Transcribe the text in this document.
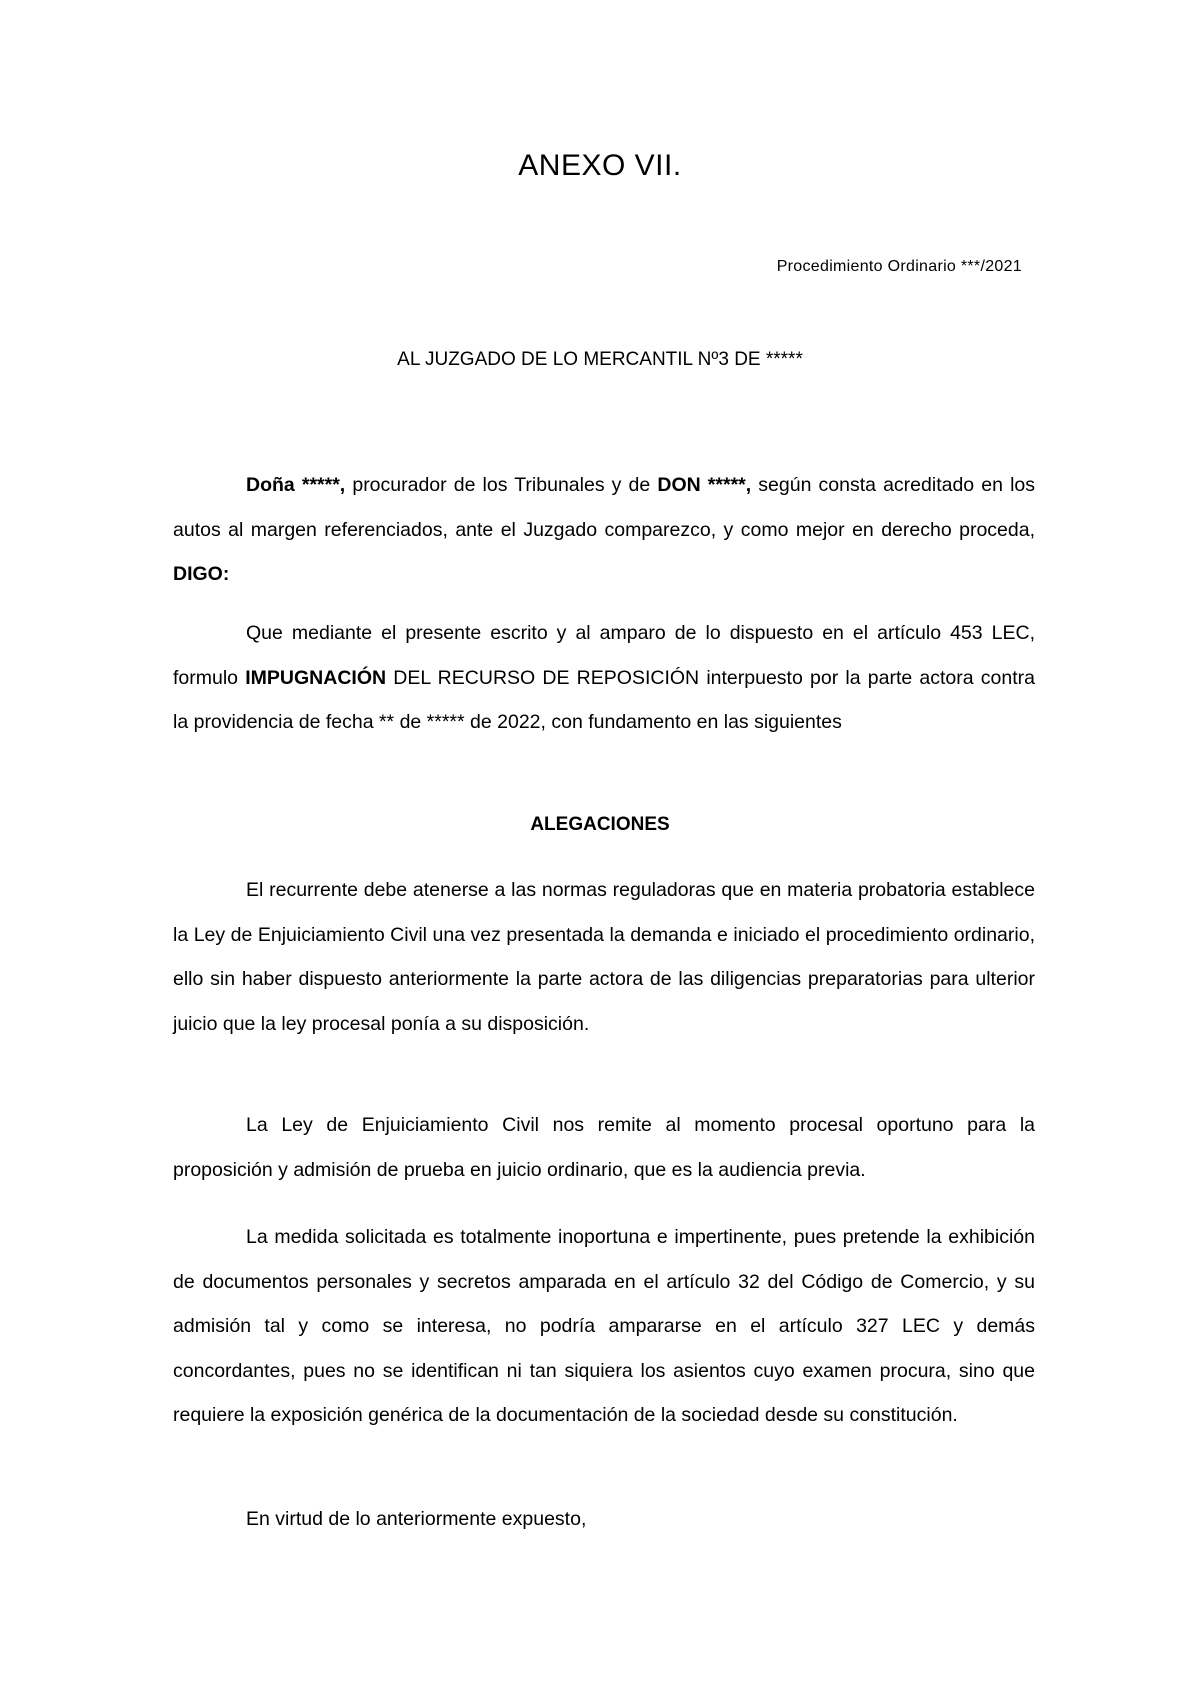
ANEXO VII.
Procedimiento Ordinario ***/2021
AL JUZGADO DE LO MERCANTIL Nº3 DE *****

Doña *****, procurador de los Tribunales y de DON *****, según consta acreditado en los autos al margen referenciados, ante el Juzgado comparezco, y como mejor en derecho proceda, DIGO:

Que mediante el presente escrito y al amparo de lo dispuesto en el artículo 453 LEC, formulo IMPUGNACIÓN DEL RECURSO DE REPOSICIÓN interpuesto por la parte actora contra la providencia de fecha ** de ***** de 2022, con fundamento en las siguientes

ALEGACIONES

El recurrente debe atenerse a las normas reguladoras que en materia probatoria establece la Ley de Enjuiciamiento Civil una vez presentada la demanda e iniciado el procedimiento ordinario, ello sin haber dispuesto anteriormente la parte actora de las diligencias preparatorias para ulterior juicio que la ley procesal ponía a su disposición.

La Ley de Enjuiciamiento Civil nos remite al momento procesal oportuno para la proposición y admisión de prueba en juicio ordinario, que es la audiencia previa.

La medida solicitada es totalmente inoportuna e impertinente, pues pretende la exhibición de documentos personales y secretos amparada en el artículo 32 del Código de Comercio, y su admisión tal y como se interesa, no podría ampararse en el artículo 327 LEC y demás concordantes, pues no se identifican ni tan siquiera los asientos cuyo examen procura, sino que requiere la exposición genérica de la documentación de la sociedad desde su constitución.

En virtud de lo anteriormente expuesto,
